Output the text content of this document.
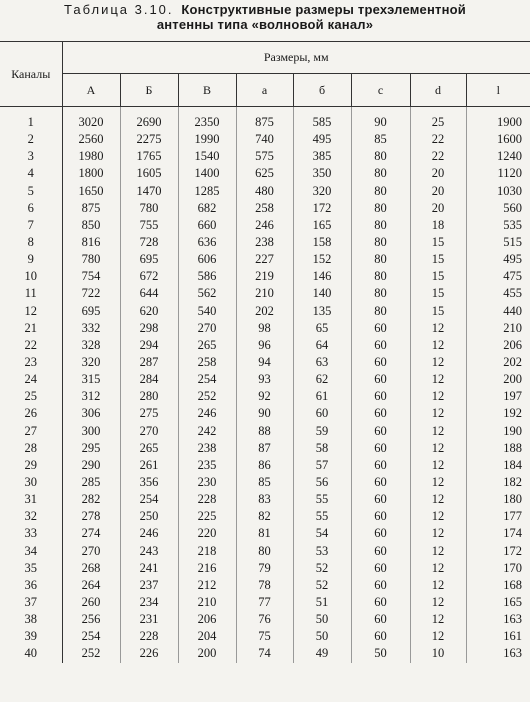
Таблица 3.10. Конструктивные размеры трехэлементной
антенны типа «волновой канал»
Каналы	Размеры, мм							
	А	Б	В	а	б	с	d	l
1	3020	2690	2350	875	585	90	25	1900
2	2560	2275	1990	740	495	85	22	1600
3	1980	1765	1540	575	385	80	22	1240
4	1800	1605	1400	625	350	80	20	1120
5	1650	1470	1285	480	320	80	20	1030
6	875	780	682	258	172	80	20	560
7	850	755	660	246	165	80	18	535
8	816	728	636	238	158	80	15	515
9	780	695	606	227	152	80	15	495
10	754	672	586	219	146	80	15	475
11	722	644	562	210	140	80	15	455
12	695	620	540	202	135	80	15	440
21	332	298	270	98	65	60	12	210
22	328	294	265	96	64	60	12	206
23	320	287	258	94	63	60	12	202
24	315	284	254	93	62	60	12	200
25	312	280	252	92	61	60	12	197
26	306	275	246	90	60	60	12	192
27	300	270	242	88	59	60	12	190
28	295	265	238	87	58	60	12	188
29	290	261	235	86	57	60	12	184
30	285	356	230	85	56	60	12	182
31	282	254	228	83	55	60	12	180
32	278	250	225	82	55	60	12	177
33	274	246	220	81	54	60	12	174
34	270	243	218	80	53	60	12	172
35	268	241	216	79	52	60	12	170
36	264	237	212	78	52	60	12	168
37	260	234	210	77	51	60	12	165
38	256	231	206	76	50	60	12	163
39	254	228	204	75	50	60	12	161
40	252	226	200	74	49	50	10	163
